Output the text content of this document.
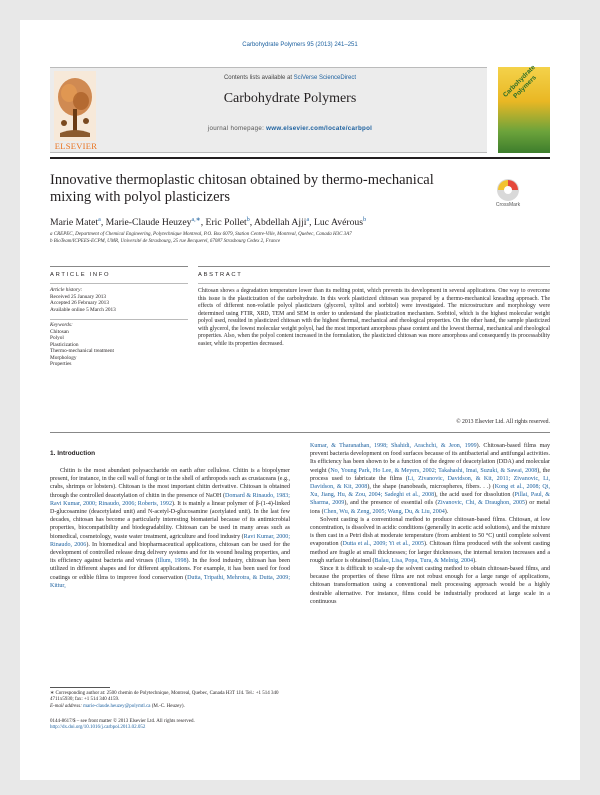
Carbohydrate Polymers 95 (2013) 241–251
ELSEVIER
Contents lists available at SciVerse ScienceDirect
Carbohydrate Polymers
journal homepage: www.elsevier.com/locate/carbpol
Carbohydrate Polymers
Innovative thermoplastic chitosan obtained by thermo-mechanical mixing with polyol plasticizers	CrossMark
Marie Matet$^a$, Marie-Claude Heuzey$^{a,∗}$, Eric Pollet$^b$, Abdellah Ajji$^a$, Luc Avérous$^b$
a CREPEC, Department of Chemical Engineering, Polytechnique Montreal, P.O. Box 6079, Station Centre-Ville, Montreal, Quebec, Canada H3C 3A7
b BioTeam/ICPEES-ECPM, UMR, Université de Strasbourg, 25 rue Becquerel, 67087 Strasbourg Cedex 2, France
ARTICLE INFO
Article history:
Received 25 January 2013
Accepted 26 February 2013
Available online 5 March 2013
Keywords:
Chitosan
Polyol
Plasticization
Thermo-mechanical treatment
Morphology
Properties
ABSTRACT
Chitosan shows a degradation temperature lower than its melting point, which prevents its development in several applications. One way to overcome this issue is the plasticization of the carbohydrate. In this work plasticized chitosan was prepared by a thermo-mechanical kneading approach. The effects of different non-volatile polyol plasticizers (glycerol, xylitol and sorbitol) were investigated. The microstructure and morphology were determined using FTIR, XRD, TEM and SEM in order to understand the plasticization mechanism. Sorbitol, which is the highest molecular weight polyol used, resulted in plasticized chitosan with the highest thermal, mechanical and rheological properties. On the other hand, the sample plasticized with glycerol, the lowest molecular weight polyol, had the most important amorphous phase content and the lowest thermal, mechanical and rheological properties. Also, when the polyol content increased in the formulation, the plasticized chitosan was more amorphous and consequently its processability easier, while its properties decreased.
© 2013 Elsevier Ltd. All rights reserved.
1. Introduction

Chitin is the most abundant polysaccharide on earth after cellulose. Chitin is a biopolymer present, for instance, in the cell wall of fungi or in the shell of arthropods such as crustaceans (e.g., crabs, shrimps or lobsters). Chitosan is the most important chitin derivative. Chitosan is obtained through the controlled deacetylation of chitin in the presence of NaOH (Domard & Rinaudo, 1983; Ravi Kumar, 2000; Rinaudo, 2006; Roberts, 1992). It is mainly a linear polymer of β-(1-4)-linked D-glucosamine (deacetylated unit) and N-acetyl-D-glucosamine (acetylated unit). In the last few decades, chitosan has become a particularly interesting biomaterial because of its antimicrobial properties, biocompatibility and biodegradability. Chitosan can be used in many areas such as biomedical, cosmetology, waste water treatment, agriculture and food industry (Ravi Kumar, 2000; Rinaudo, 2006). In biomedical and biopharmaceutical applications, chitosan can be used for the development of controlled release drug delivery systems and for its wound healing properties, and its efficiency against bacteria and viruses (Illum, 1998). In the food industry, chitosan has been utilized in different shapes and for different applications. For example, it has been used for food coatings or edible films to improve food conservation (Dutta, Tripathi, Mehrotra, & Dutta, 2009; Kittur,

Kumar, & Tharanathan, 1998; Shahidi, Arachchi, & Jeon, 1999). Chitosan-based films may prevent bacteria development on food surfaces because of its antibacterial and antifungal activities. Its efficiency has been shown to be a function of the degree of deacetylation (DDA) and molecular weight (No, Young Park, Ho Lee, & Meyers, 2002; Takahashi, Imai, Suzuki, & Sawai, 2008), the process used to fabricate the films (Li, Zivanovic, Davidson, & Kit, 2011; Zivanovic, Li, Davidson, & Kit, 2008), the shape (nanobeads, microspheres, fibers. . .) (Kong et al., 2008; Qi, Xu, Jiang, Hu, & Zou, 2004; Sadeghi et al., 2008), the acid used for dissolution (Pillai, Paul, & Sharma, 2009), and the presence of essential oils (Zivanovic, Chi, & Draughon, 2005) or metal ions (Chen, Wu, & Zeng, 2005; Wang, Du, & Liu, 2004).

Solvent casting is a conventional method to produce chitosan-based films. Chitosan, at low concentration, is dissolved in acidic conditions (generally in acetic acid solutions), and the mixture is then cast in a Petri dish at moderate temperature (from ambient to 50 °C) until complete solvent evaporation (Dutta et al., 2009; Yi et al., 2005). Chitosan films produced with the solvent casting method are fragile at small thicknesses; for larger thicknesses, the internal tension increases and a rough surface is obtained (Balau, Lisa, Popa, Tura, & Melnig, 2004).

Since it is difficult to scale-up the solvent casting method to obtain chitosan-based films, and because the properties of these films are not robust enough for a large range of applications, chitosan transformation using a conventional melt processing approach would be a highly desirable alternative. For instance, films could be industrially produced at large scale in a continuous

∗ Corresponding author at: 2500 chemin de Polytechnique, Montreal, Quebec, Canada H3T 1J4. Tel.: +1 514 340 4711x5930; fax: +1 514 340 4159.
E-mail address: marie-claude.heuzey@polymtl.ca (M.-C. Heuzey).
0144-8617/$ – see front matter © 2013 Elsevier Ltd. All rights reserved.
http://dx.doi.org/10.1016/j.carbpol.2013.02.052
